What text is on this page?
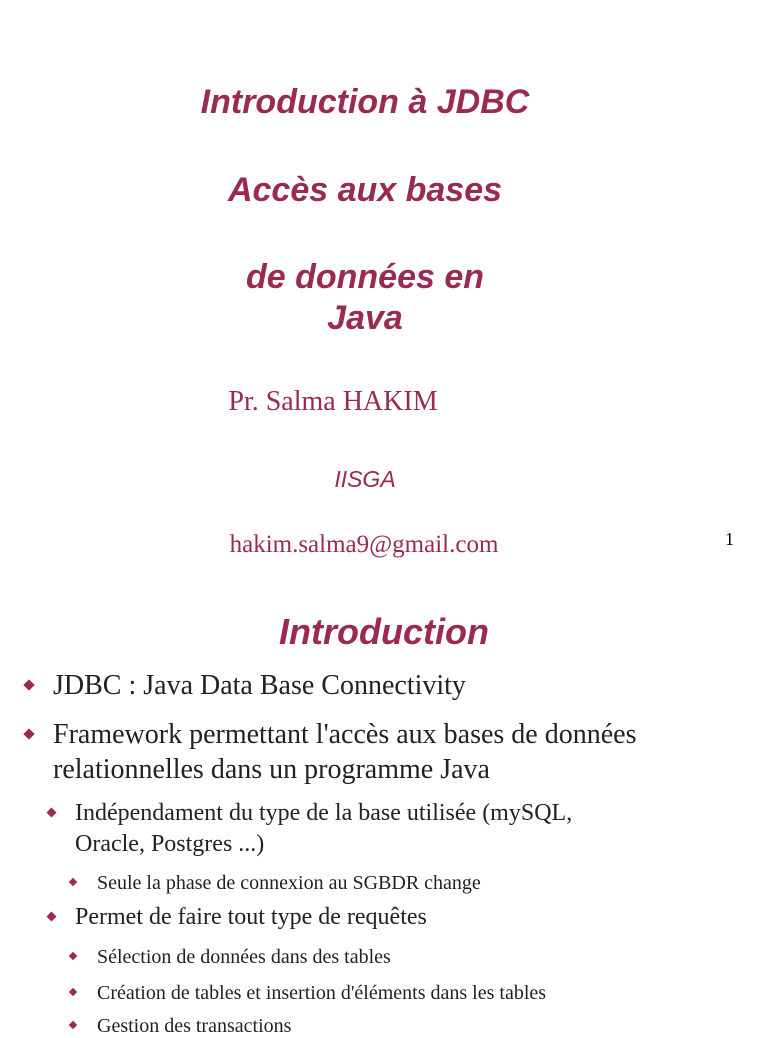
Introduction à JDBC
Accès aux bases
de données en
Java
Pr. Salma HAKIM
IISGA
hakim.salma9@gmail.com	1
Introduction
JDBC : Java Data Base Connectivity
Framework permettant l'accès aux bases de données
relationnelles dans un programme Java
Indépendament du type de la base utilisée (mySQL,
Oracle, Postgres ...)
Seule la phase de connexion au SGBDR change
Permet de faire tout type de requêtes
Sélection de données dans des tables
Création de tables et insertion d'éléments dans les tables
Gestion des transactions
